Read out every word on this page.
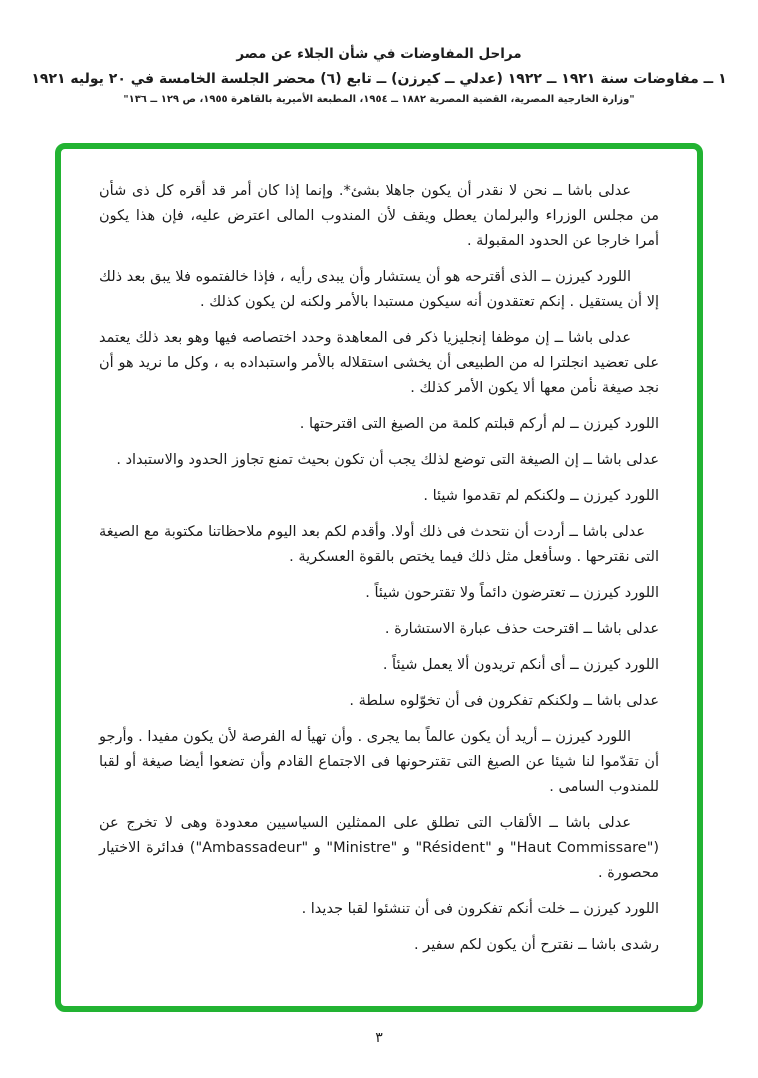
مراحل المفاوضات في شأن الجلاء عن مصر

١ ــ مفاوضات سنة ١٩٢١ ــ ١٩٢٢ (عدلي ــ كيرزن) ــ تابع (٦) محضر الجلسة الخامسة في ٢٠ يوليه ١٩٢١

"وزارة الخارجية المصرية، القضية المصرية ١٨٨٢ ــ ١٩٥٤، المطبعة الأميرية بالقاهرة ١٩٥٥، ص ١٢٩ ــ ١٣٦"

عدلى باشا ــ نحن لا نقدر أن يكون جاهلا بشئ*. وإنما إذا كان أمر قد أقره كل ذى شأن من مجلس الوزراء والبرلمان يعطل ويقف لأن المندوب المالى اعترض عليه، فإن هذا يكون أمرا خارجا عن الحدود المقبولة .

اللورد كيرزن ــ الذى أقترحه هو أن يستشار وأن يبدى رأيه ، فإذا خالفتموه فلا يبق بعد ذلك إلا أن يستقيل . إنكم تعتقدون أنه سيكون مستبدا بالأمر ولكنه لن يكون كذلك .

عدلى باشا ــ إن موظفا إنجليزيا ذكر فى المعاهدة وحدد اختصاصه فيها وهو بعد ذلك يعتمد على تعضيد انجلترا له من الطبيعى أن يخشى استقلاله بالأمر واستبداده به ، وكل ما نريد هو أن نجد صيغة نأمن معها ألا يكون الأمر كذلك .

اللورد كيرزن ــ لم أركم قبلتم كلمة من الصيغ التى اقترحتها .

عدلى باشا ــ إن الصيغة التى توضع لذلك يجب أن تكون بحيث تمنع تجاوز الحدود والاستبداد .

اللورد كيرزن ــ ولكنكم لم تقدموا شيئا .

عدلى باشا ــ أردت أن نتحدث فى ذلك أولا. وأقدم لكم بعد اليوم ملاحظاتنا مكتوبة مع الصيغة التى نقترحها . وسأفعل مثل ذلك فيما يختص بالقوة العسكرية .

اللورد كيرزن ــ تعترضون دائماً ولا تقترحون شيئاً .

عدلى باشا ــ اقترحت حذف عبارة الاستشارة .

اللورد كيرزن ــ أى أنكم تريدون ألا يعمل شيئاً .

عدلى باشا ــ ولكنكم تفكرون فى أن تخوّلوه سلطة .

اللورد كيرزن ــ أريد أن يكون عالماً بما يجرى . وأن تهيأ له الفرصة لأن يكون مفيدا . وأرجو أن تقدّموا لنا شيئا عن الصيغ التى تقترحونها فى الاجتماع القادم وأن تضعوا أيضا صيغة أو لقبا للمندوب السامى .

عدلى باشا ــ الألقاب التى تطلق على الممثلين السياسيين معدودة وهى لا تخرج عن ("Haut Commissare" و "Résident" و "Ministre" و "Ambassadeur") فدائرة الاختيار محصورة .

اللورد كيرزن ــ خلت أنكم تفكرون فى أن تنشئوا لقبا جديدا .

رشدى باشا ــ نقترح أن يكون لكم سفير .

٣
